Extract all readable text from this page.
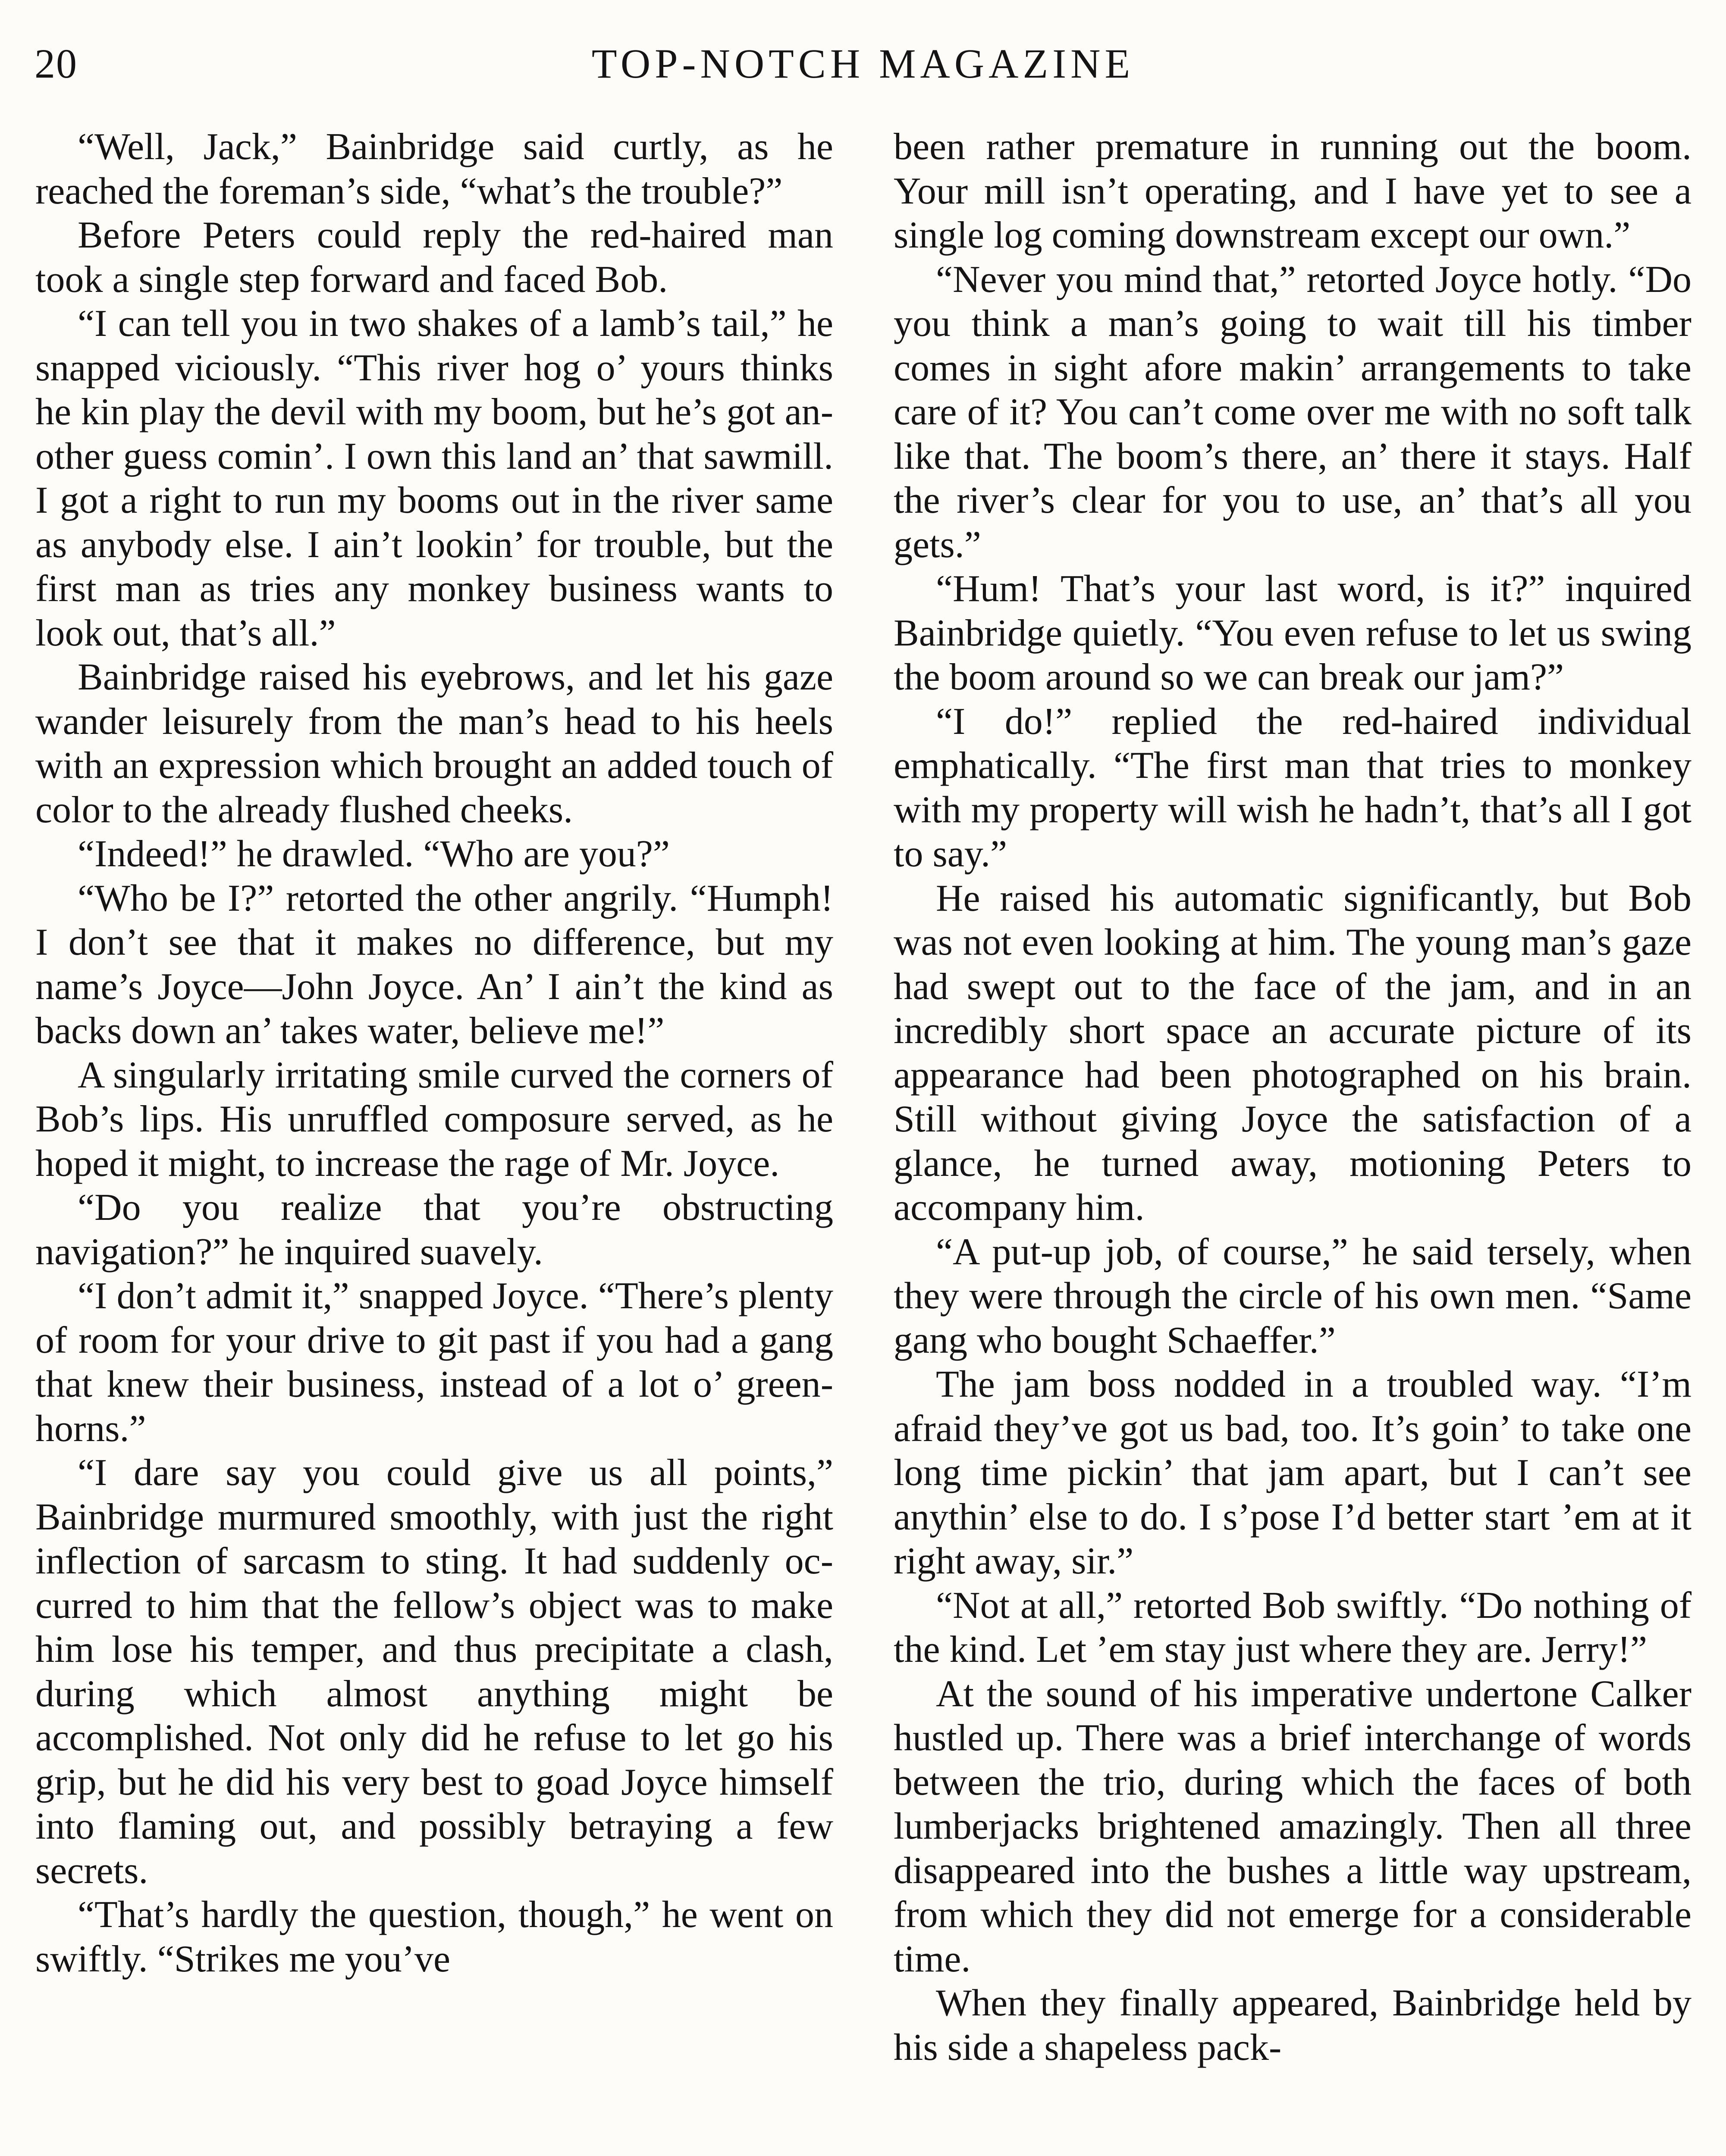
20	TOP-NOTCH MAGAZINE

“Well, Jack,” Bainbridge said curtly, as he reached the foreman’s side, “what’s the trouble?”

Before Peters could reply the red-haired man took a single step forward and faced Bob.

“I can tell you in two shakes of a lamb’s tail,” he snapped viciously. “This river hog o’ yours thinks he kin play the devil with my boom, but he’s got another guess comin’. I own this land an’ that sawmill. I got a right to run my booms out in the river same as anybody else. I ain’t lookin’ for trouble, but the first man as tries any monkey business wants to look out, that’s all.”

Bainbridge raised his eyebrows, and let his gaze wander leisurely from the man’s head to his heels with an expression which brought an added touch of color to the already flushed cheeks.

“Indeed!” he drawled. “Who are you?”

“Who be I?” retorted the other angrily. “Humph! I don’t see that it makes no difference, but my name’s Joyce—John Joyce. An’ I ain’t the kind as backs down an’ takes water, believe me!”

A singularly irritating smile curved the corners of Bob’s lips. His unruffled composure served, as he hoped it might, to increase the rage of Mr. Joyce.

“Do you realize that you’re obstructing navigation?” he inquired suavely.

“I don’t admit it,” snapped Joyce. “There’s plenty of room for your drive to git past if you had a gang that knew their business, instead of a lot o’ greenhorns.”

“I dare say you could give us all points,” Bainbridge murmured smoothly, with just the right inflection of sarcasm to sting. It had suddenly occurred to him that the fellow’s object was to make him lose his temper, and thus precipitate a clash, during which almost anything might be accomplished. Not only did he refuse to let go his grip, but he did his very best to goad Joyce himself into flaming out, and possibly betraying a few secrets.

“That’s hardly the question, though,” he went on swiftly. “Strikes me you’ve

been rather premature in running out the boom. Your mill isn’t operating, and I have yet to see a single log coming downstream except our own.”

“Never you mind that,” retorted Joyce hotly. “Do you think a man’s going to wait till his timber comes in sight afore makin’ arrangements to take care of it? You can’t come over me with no soft talk like that. The boom’s there, an’ there it stays. Half the river’s clear for you to use, an’ that’s all you gets.”

“Hum! That’s your last word, is it?” inquired Bainbridge quietly. “You even refuse to let us swing the boom around so we can break our jam?”

“I do!” replied the red-haired individual emphatically. “The first man that tries to monkey with my property will wish he hadn’t, that’s all I got to say.”

He raised his automatic significantly, but Bob was not even looking at him. The young man’s gaze had swept out to the face of the jam, and in an incredibly short space an accurate picture of its appearance had been photographed on his brain. Still without giving Joyce the satisfaction of a glance, he turned away, motioning Peters to accompany him.

“A put-up job, of course,” he said tersely, when they were through the circle of his own men. “Same gang who bought Schaeffer.”

The jam boss nodded in a troubled way. “I’m afraid they’ve got us bad, too. It’s goin’ to take one long time pickin’ that jam apart, but I can’t see anythin’ else to do. I s’pose I’d better start ’em at it right away, sir.”

“Not at all,” retorted Bob swiftly. “Do nothing of the kind. Let ’em stay just where they are. Jerry!”

At the sound of his imperative undertone Calker hustled up. There was a brief interchange of words between the trio, during which the faces of both lumberjacks brightened amazingly. Then all three disappeared into the bushes a little way upstream, from which they did not emerge for a considerable time.

When they finally appeared, Bainbridge held by his side a shapeless pack-
